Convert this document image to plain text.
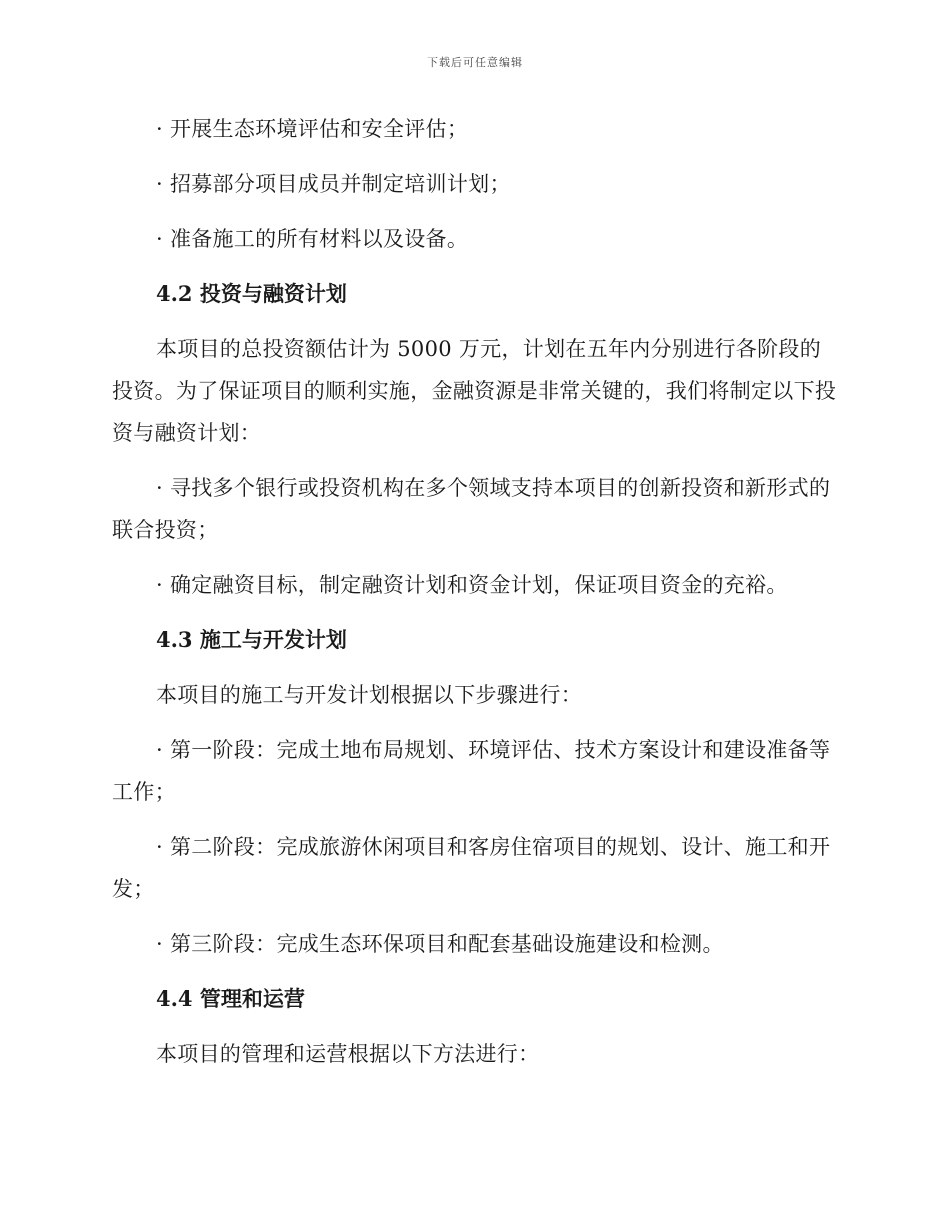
下载后可任意编辑

· 开展生态环境评估和安全评估；

· 招募部分项目成员并制定培训计划；

· 准备施工的所有材料以及设备。

4.2 投资与融资计划

本项目的总投资额估计为 5000 万元，计划在五年内分别进行各阶段的投资。为了保证项目的顺利实施，金融资源是非常关键的，我们将制定以下投资与融资计划：

· 寻找多个银行或投资机构在多个领域支持本项目的创新投资和新形式的联合投资；

· 确定融资目标，制定融资计划和资金计划，保证项目资金的充裕。

4.3 施工与开发计划

本项目的施工与开发计划根据以下步骤进行：

· 第一阶段：完成土地布局规划、环境评估、技术方案设计和建设准备等工作；

· 第二阶段：完成旅游休闲项目和客房住宿项目的规划、设计、施工和开发；

· 第三阶段：完成生态环保项目和配套基础设施建设和检测。

4.4 管理和运营

本项目的管理和运营根据以下方法进行：
